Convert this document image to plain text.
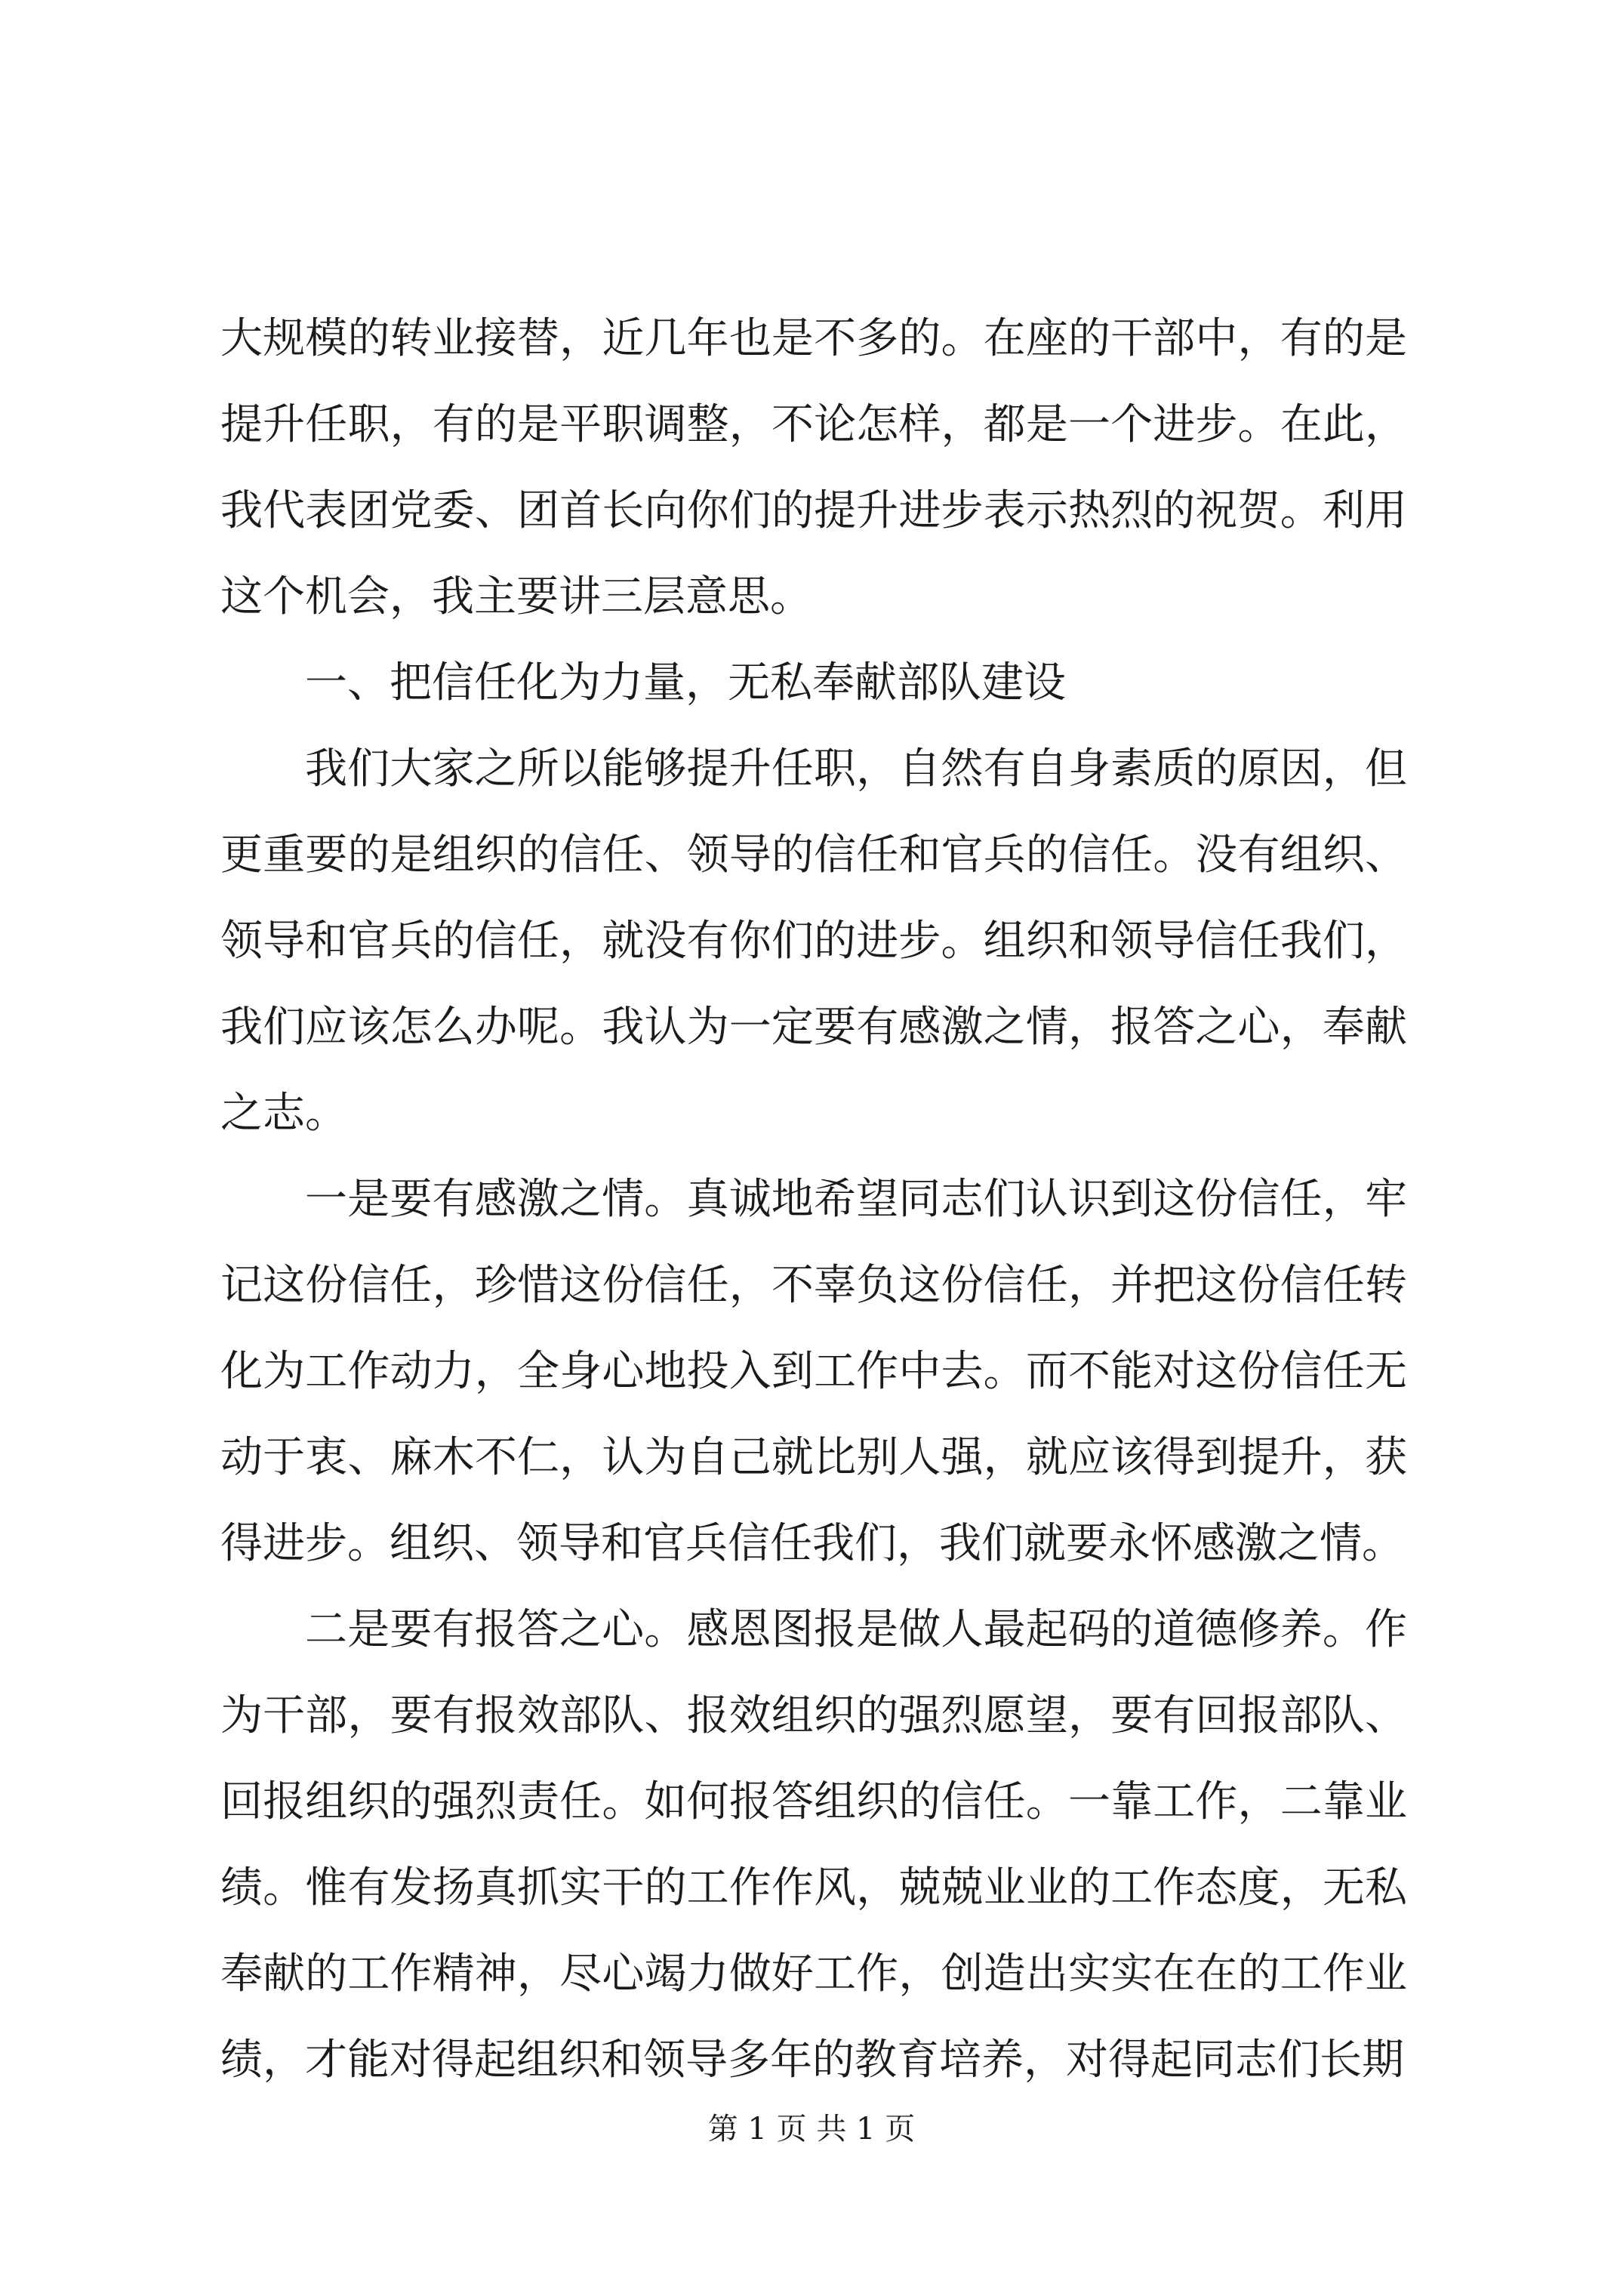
大规模的转业接替，近几年也是不多的。在座的干部中，有的是提升任职，有的是平职调整，不论怎样，都是一个进步。在此，我代表团党委、团首长向你们的提升进步表示热烈的祝贺。利用这个机会，我主要讲三层意思。

一、把信任化为力量，无私奉献部队建设

我们大家之所以能够提升任职，自然有自身素质的原因，但更重要的是组织的信任、领导的信任和官兵的信任。没有组织、领导和官兵的信任，就没有你们的进步。组织和领导信任我们，我们应该怎么办呢。我认为一定要有感激之情，报答之心，奉献之志。

一是要有感激之情。真诚地希望同志们认识到这份信任，牢记这份信任，珍惜这份信任，不辜负这份信任，并把这份信任转化为工作动力，全身心地投入到工作中去。而不能对这份信任无动于衷、麻木不仁，认为自己就比别人强，就应该得到提升，获得进步。组织、领导和官兵信任我们，我们就要永怀感激之情。

二是要有报答之心。感恩图报是做人最起码的道德修养。作为干部，要有报效部队、报效组织的强烈愿望，要有回报部队、回报组织的强烈责任。如何报答组织的信任。一靠工作，二靠业绩。惟有发扬真抓实干的工作作风，兢兢业业的工作态度，无私奉献的工作精神，尽心竭力做好工作，创造出实实在在的工作业绩，才能对得起组织和领导多年的教育培养，对得起同志们长期

第 1 页 共 1 页
